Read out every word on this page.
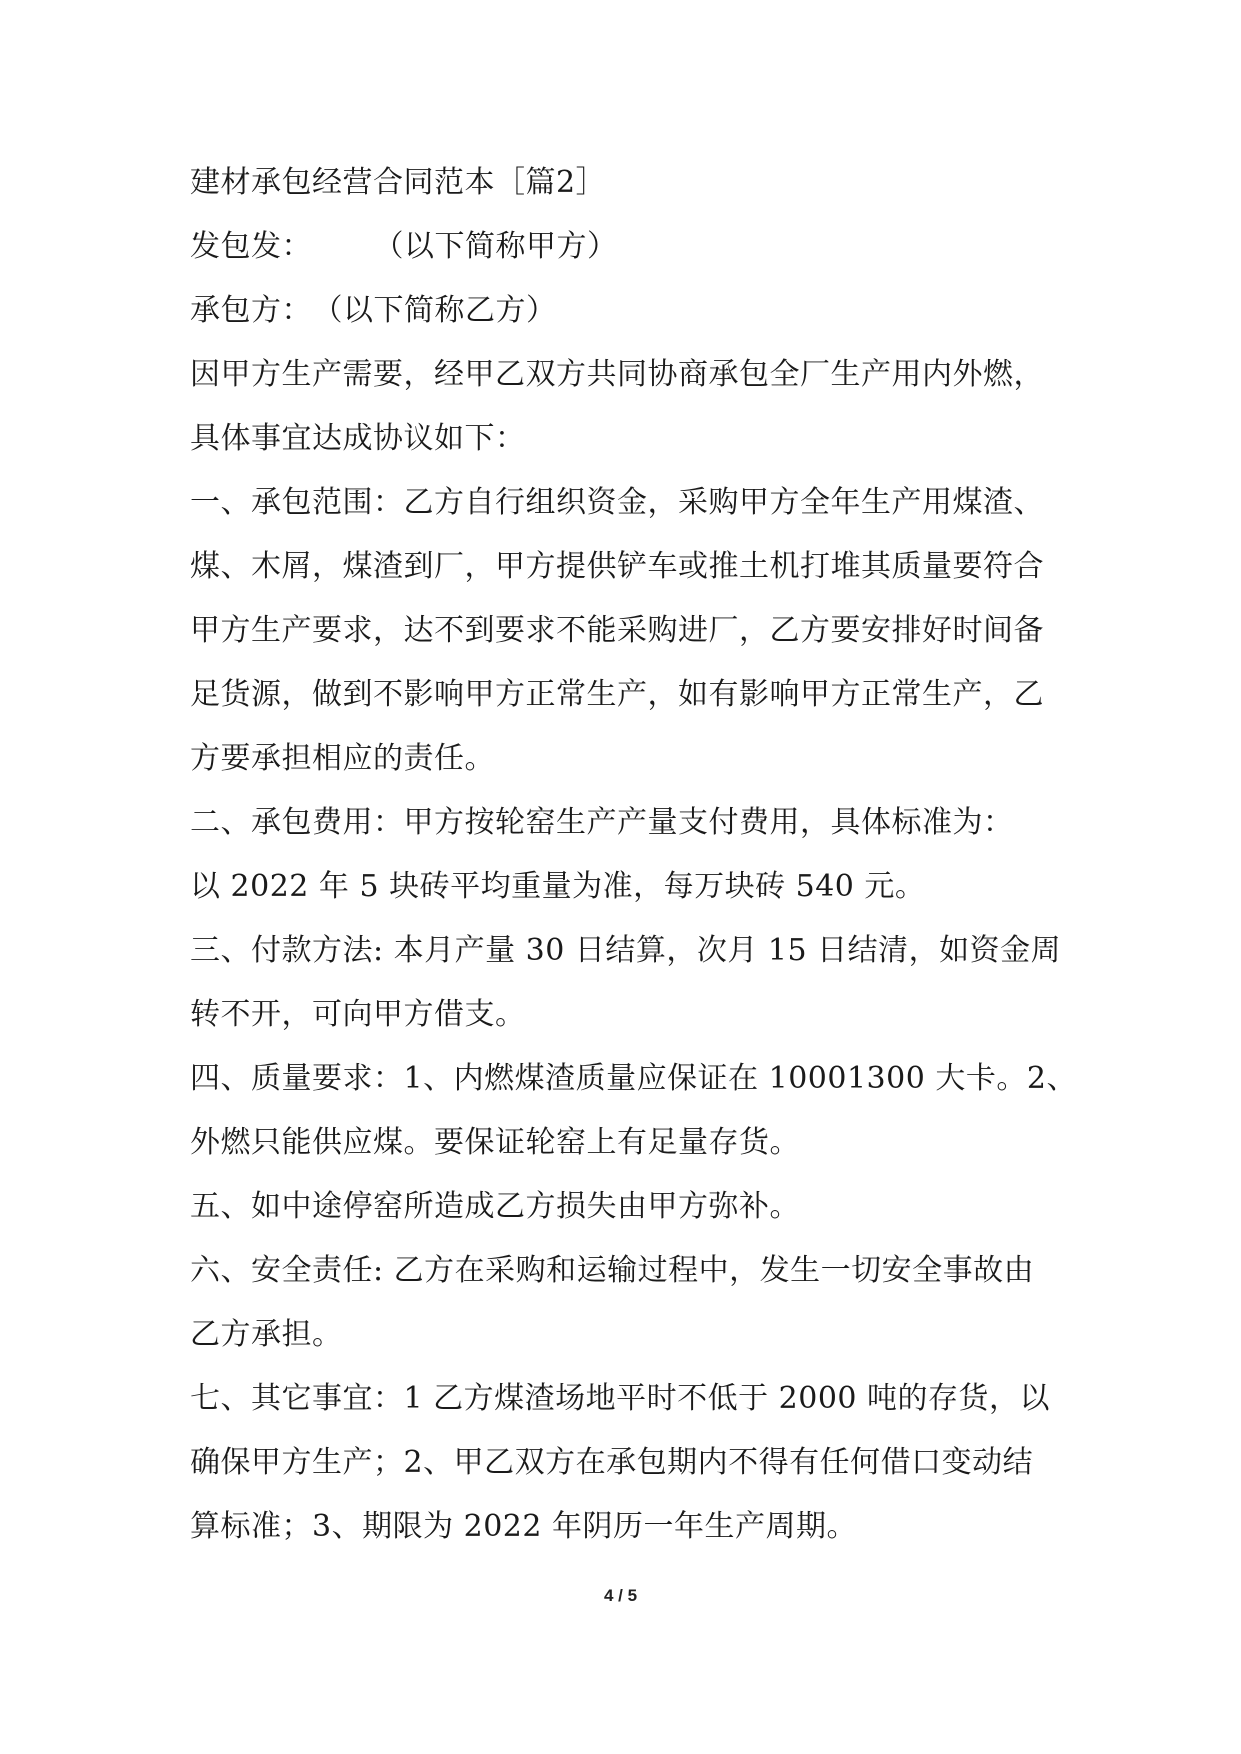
建材承包经营合同范本［篇2］
发包发：　　　（以下简称甲方）
承包方：　（以下简称乙方）
因甲方生产需要，经甲乙双方共同协商承包全厂生产用内外燃，
具体事宜达成协议如下：
一、承包范围：乙方自行组织资金，采购甲方全年生产用煤渣、
煤、木屑，煤渣到厂，甲方提供铲车或推土机打堆其质量要符合
甲方生产要求，达不到要求不能采购进厂，乙方要安排好时间备
足货源，做到不影响甲方正常生产，如有影响甲方正常生产，乙
方要承担相应的责任。
二、承包费用：甲方按轮窑生产产量支付费用，具体标准为：
以 2022 年 5 块砖平均重量为准，每万块砖 540 元。
三、付款方法: 本月产量 30 日结算，次月 15 日结清，如资金周
转不开，可向甲方借支。
四、质量要求：1、内燃煤渣质量应保证在 10001300 大卡。2、
外燃只能供应煤。要保证轮窑上有足量存货。
五、如中途停窑所造成乙方损失由甲方弥补。
六、安全责任: 乙方在采购和运输过程中，发生一切安全事故由
乙方承担。
七、其它事宜：1 乙方煤渣场地平时不低于 2000 吨的存货，以
确保甲方生产；2、甲乙双方在承包期内不得有任何借口变动结
算标准；3、期限为 2022 年阴历一年生产周期。
4 / 5
